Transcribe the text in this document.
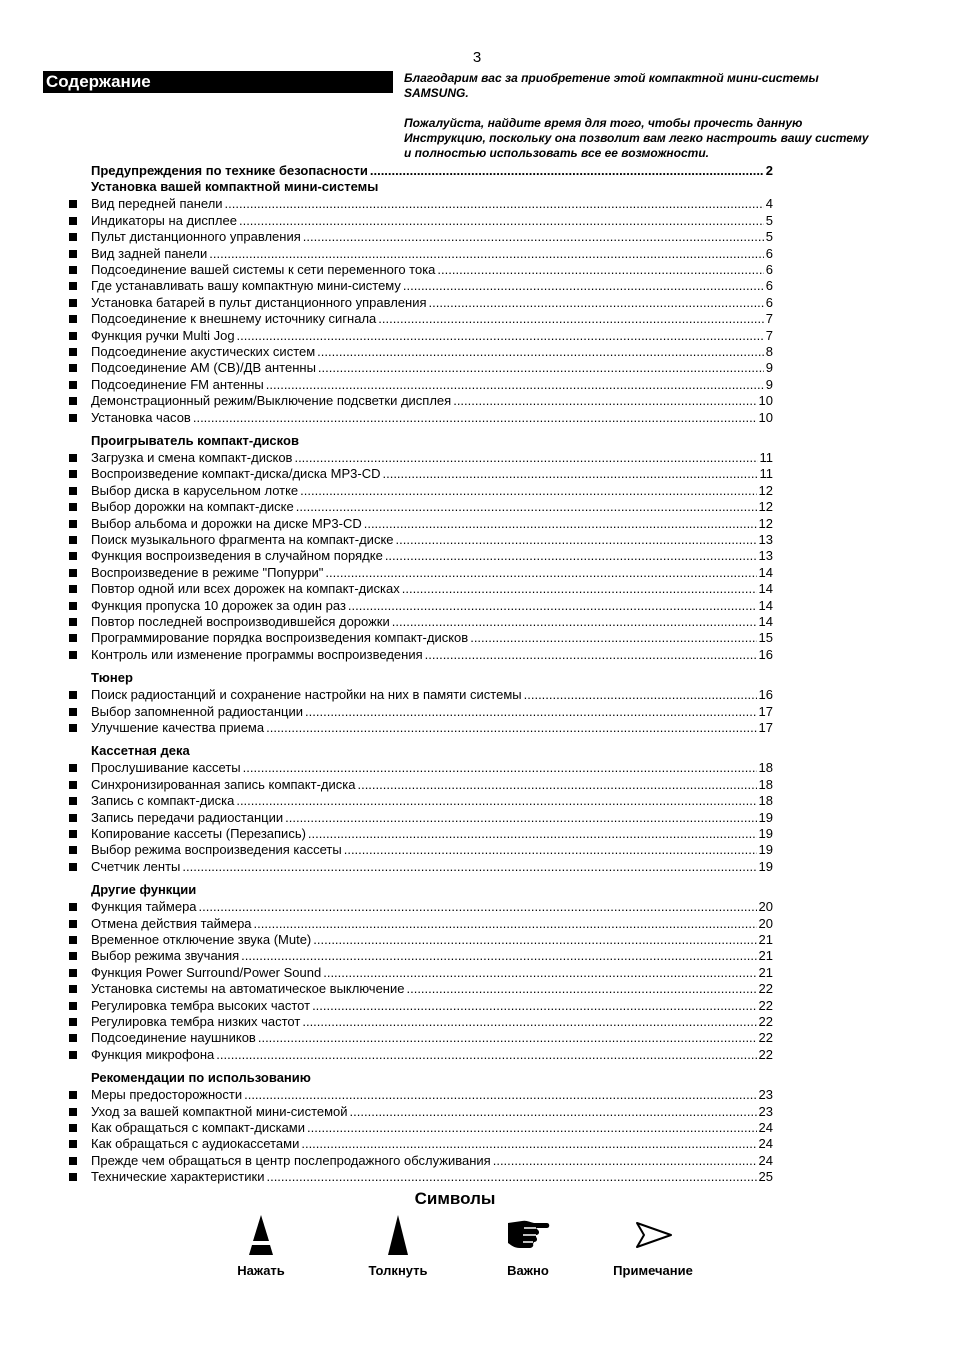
3
Содержание	Благодарим вас за приобретение этой компактной мини-системы SAMSUNG.

Пожалуйста, найдите время для того, чтобы прочесть данную Инструкцию, поскольку она позволит вам легко настроить вашу систему и полностью использовать все ее возможности.

Предупреждения по технике безопасности .....	2
Установка вашей компактной мини-системы
Вид передней панели .....	4
Индикаторы на дисплее .....	5
Пульт дистанционного управления .....	5
Вид задней панели .....	6
Подсоединение вашей системы к сети переменного тока .....	6
Где устанавливать вашу компактную мини-систему .....	6
Установка батарей в пульт дистанционного управления .....	6
Подсоединение к внешнему источнику сигнала .....	7
Функция ручки Multi Jog .....	7
Подсоединение акустических систем .....	8
Подсоединение АМ (СВ)/ДВ антенны .....	9
Подсоединение FM антенны .....	9
Демонстрационный режим/Выключение подсветки дисплея .....	10
Установка часов .....	10
Проигрыватель компакт-дисков
Загрузка и смена компакт-дисков .....	11
Воспроизведение компакт-диска/диска MP3-CD .....	11
Выбор диска в карусельном лотке .....	12
Выбор дорожки на компакт-диске .....	12
Выбор альбома и дорожки на диске MP3-CD .....	12
Поиск музыкального фрагмента на компакт-диске .....	13
Функция воспроизведения в случайном порядке .....	13
Воспроизведение в режиме "Попурри" .....	14
Повтор одной или всех дорожек на компакт-дисках .....	14
Функция пропуска 10 дорожек за один раз .....	14
Повтор последней воспроизводившейся дорожки .....	14
Программирование порядка воспроизведения компакт-дисков .....	15
Контроль или изменение программы воспроизведения .....	16
Тюнер
Поиск радиостанций и сохранение настройки на них в памяти системы .....	16
Выбор запомненной радиостанции .....	17
Улучшение качества приема .....	17
Кассетная дека
Прослушивание кассеты .....	18
Синхронизированная запись компакт-диска .....	18
Запись с компакт-диска .....	18
Запись передачи радиостанции .....	19
Копирование кассеты (Перезапись) .....	19
Выбор режима воспроизведения кассеты .....	19
Счетчик ленты .....	19
Другие функции
Функция таймера .....	20
Отмена действия таймера .....	20
Временное отключение звука (Mute) .....	21
Выбор режима звучания .....	21
Функция Power Surround/Power Sound .....	21
Установка системы на автоматическое выключение .....	22
Регулировка тембра высоких частот .....	22
Регулировка тембра низких частот .....	22
Подсоединение наушников .....	22
Функция микрофона .....	22
Рекомендации по использованию
Меры предосторожности .....	23
Уход за вашей компактной мини-системой .....	23
Как обращаться с компакт-дисками .....	24
Как обращаться с аудиокассетами .....	24
Прежде чем обращаться в центр послепродажного обслуживания .....	24
Технические характеристики .....	25
Символы
Нажать	Толкнуть	Важно	Примечание
